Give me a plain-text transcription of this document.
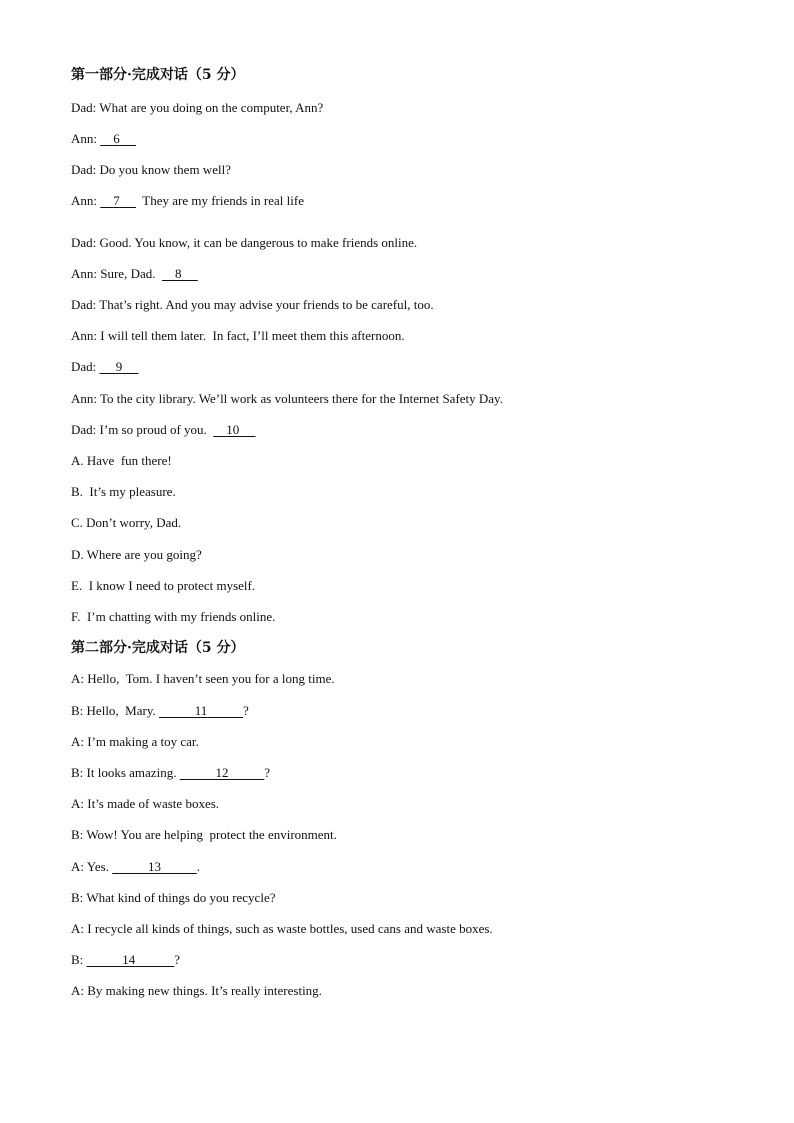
第一部分·完成对话（5 分）
Dad: What are you doing on the computer, Ann?
Ann: 6
Dad: Do you know them well?
Ann: 7       They are my friends in real life
Dad: Good. You know, it can be dangerous to make friends online.
Ann: Sure, Dad.      8
Dad: That’s right. And you may advise your friends to be careful, too.
Ann: I will tell them later.  In fact, I’ll meet them this afternoon.
Dad: 9
Ann: To the city library. We’ll work as volunteers there for the Internet Safety Day.
Dad: I’m so proud of you.      10
A. Have  fun there!
B.  It’s my pleasure.
C. Don’t worry, Dad.
D. Where are you going?
E.  I know I need to protect myself.
F.  I’m chatting with my friends online.
第二部分·完成对话（5 分）
A: Hello,  Tom. I haven’t seen you for a long time.
B: Hello,  Mary.	11	?
A: I’m making a toy car.
B: It looks amazing.	12	?
A: It’s made of waste boxes.
B: Wow! You are helping  protect the environment.
A: Yes.	13	.
B: What kind of things do you recycle?
A: I recycle all kinds of things, such as waste bottles, used cans and waste boxes.
B:	14	?
A: By making new things. It’s really interesting.
